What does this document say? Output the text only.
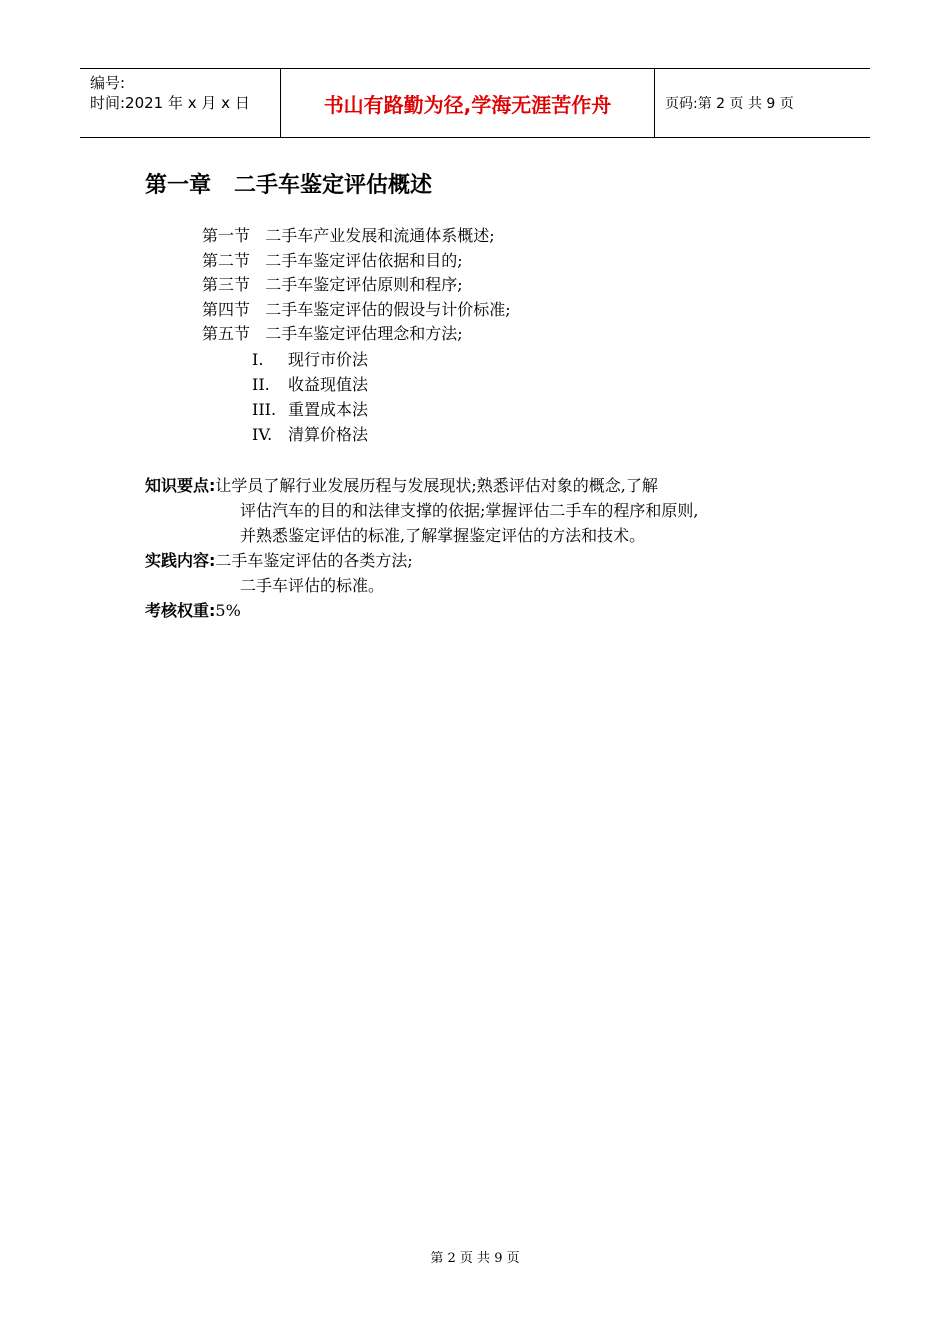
编号:
时间:2021 年 x 月 x 日	书山有路勤为径,学海无涯苦作舟	页码:第 2 页 共 9 页
第一章   二手车鉴定评估概述
第一节   二手车产业发展和流通体系概述;
第二节   二手车鉴定评估依据和目的;
第三节   二手车鉴定评估原则和程序;
第四节   二手车鉴定评估的假设与计价标准;
第五节   二手车鉴定评估理念和方法;
I.	现行市价法
II.	收益现值法
III. 重置成本法
IV. 清算价格法
知识要点:让学员了解行业发展历程与发展现状;熟悉评估对象的概念,了解
评估汽车的目的和法律支撑的依据;掌握评估二手车的程序和原则,
并熟悉鉴定评估的标准,了解掌握鉴定评估的方法和技术。
实践内容:二手车鉴定评估的各类方法;
二手车评估的标准。
考核权重:5%
第 2 页 共 9 页
